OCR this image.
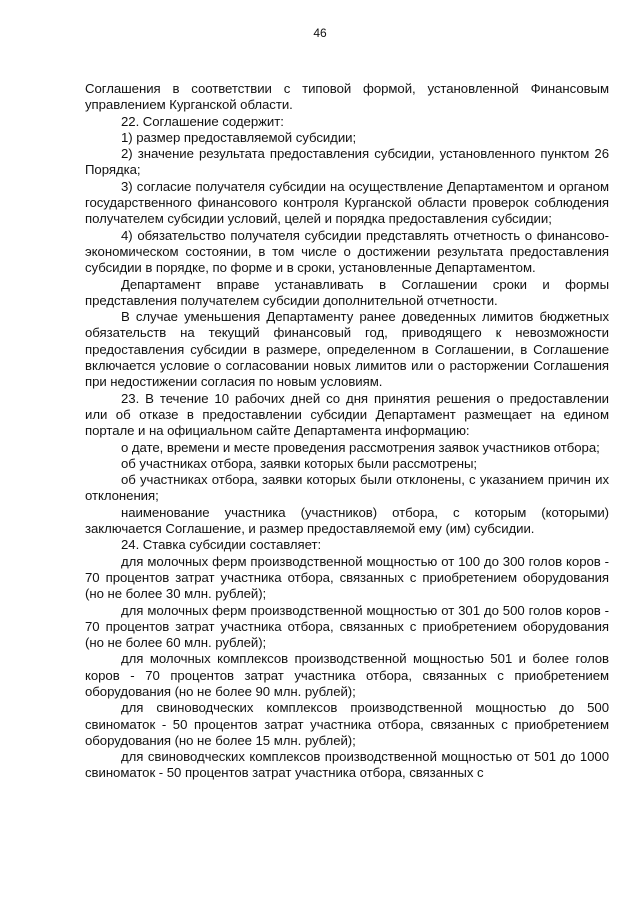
46

Соглашения в соответствии с типовой формой, установленной Финансовым управлением Курганской области.

22. Соглашение содержит:

1) размер предоставляемой субсидии;

2) значение результата предоставления субсидии, установленного пунктом 26 Порядка;

3) согласие получателя субсидии на осуществление Департаментом и органом государственного финансового контроля Курганской области проверок соблюдения получателем субсидии условий, целей и порядка предоставления субсидии;

4) обязательство получателя субсидии представлять отчетность о финансово-экономическом состоянии, в том числе о достижении результата предоставления субсидии в порядке, по форме и в сроки, установленные Департаментом.

Департамент вправе устанавливать в Соглашении сроки и формы представления получателем субсидии дополнительной отчетности.

В случае уменьшения Департаменту ранее доведенных лимитов бюджетных обязательств на текущий финансовый год, приводящего к невозможности предоставления субсидии в размере, определенном в Соглашении, в Соглашение включается условие о согласовании новых лимитов или о расторжении Соглашения при недостижении согласия по новым условиям.

23. В течение 10 рабочих дней со дня принятия решения о предоставлении или об отказе в предоставлении субсидии Департамент размещает на едином портале и на официальном сайте Департамента информацию:

о дате, времени и месте проведения рассмотрения заявок участников отбора;

об участниках отбора, заявки которых были рассмотрены;

об участниках отбора, заявки которых были отклонены, с указанием причин их отклонения;

наименование участника (участников) отбора, с которым (которыми) заключается Соглашение, и размер предоставляемой ему (им) субсидии.

24. Ставка субсидии составляет:

для молочных ферм производственной мощностью от 100 до 300 голов коров - 70 процентов затрат участника отбора, связанных с приобретением оборудования (но не более 30 млн. рублей);

для молочных ферм производственной мощностью от 301 до 500 голов коров - 70 процентов затрат участника отбора, связанных с приобретением оборудования (но не более 60 млн. рублей);

для молочных комплексов производственной мощностью 501 и более голов коров - 70 процентов затрат участника отбора, связанных с приобретением оборудования (но не более 90 млн. рублей);

для свиноводческих комплексов производственной мощностью до 500 свиноматок - 50 процентов затрат участника отбора, связанных с приобретением оборудования (но не более 15 млн. рублей);

для свиноводческих комплексов производственной мощностью от 501 до 1000 свиноматок - 50 процентов затрат участника отбора, связанных с
